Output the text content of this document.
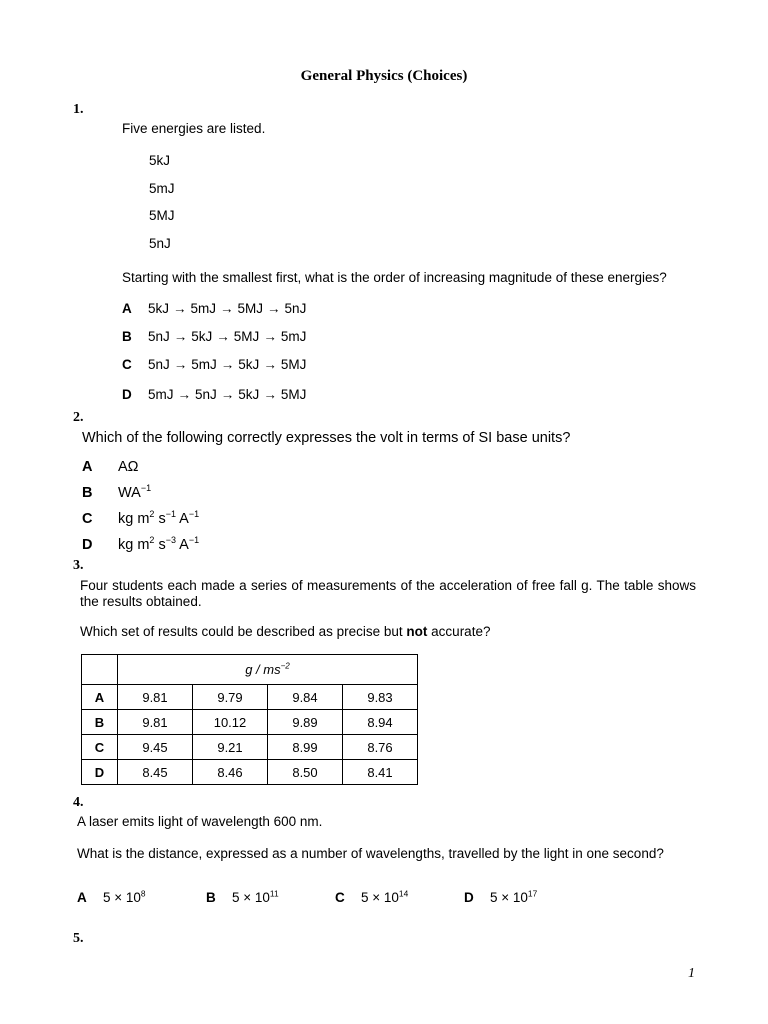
General Physics (Choices)
1.
Five energies are listed.
5kJ
5mJ
5MJ
5nJ
Starting with the smallest first, what is the order of increasing magnitude of these energies?
A 5kJ → 5mJ → 5MJ → 5nJ
B 5nJ → 5kJ → 5MJ → 5mJ
C 5nJ → 5mJ → 5kJ → 5MJ
D 5mJ → 5nJ → 5kJ → 5MJ
2.
Which of the following correctly expresses the volt in terms of SI base units?
A AΩ
B $WA^{-1}$
C kg $m^2$ $s^{-1}$ $A^{-1}$
D kg $m^2$ $s^{-3}$ $A^{-1}$
3.
Four students each made a series of measurements of the acceleration of free fall g. The table shows the results obtained.
Which set of results could be described as precise but not accurate?
	g / $ms^{-2}$
A	9.81	9.79	9.84	9.83
B	9.81	10.12	9.89	8.94
C	9.45	9.21	8.99	8.76
D	8.45	8.46	8.50	8.41
4.
A laser emits light of wavelength 600 nm.
What is the distance, expressed as a number of wavelengths, travelled by the light in one second?
A $5 \times 10^8$	B $5 \times 10^{11}$	C $5 \times 10^{14}$	D $5 \times 10^{17}$
5.
1
